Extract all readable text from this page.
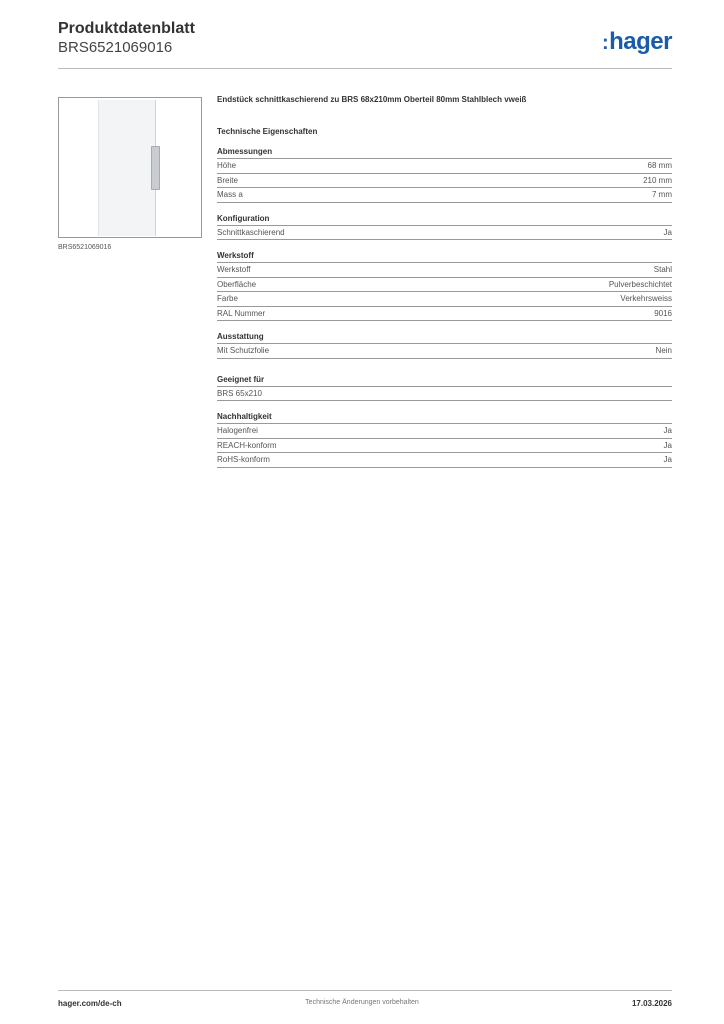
Produktdatenblatt
BRS6521069016	:hager
BRS6521069016
Endstück schnittkaschierend zu BRS 68x210mm Oberteil 80mm Stahlblech vweiß
Technische Eigenschaften
Abmessungen
Höhe	68 mm
Breite	210 mm
Mass a	7 mm
Konfiguration
Schnittkaschierend	Ja
Werkstoff
Werkstoff	Stahl
Oberfläche	Pulverbeschichtet
Farbe	Verkehrsweiss
RAL Nummer	9016
Ausstattung
Mit Schutzfolie	Nein
Geeignet für
BRS 65x210
Nachhaltigkeit
Halogenfrei	Ja
REACH-konform	Ja
RoHS-konform	Ja
hager.com/de-ch	Technische Änderungen vorbehalten	17.03.2026
